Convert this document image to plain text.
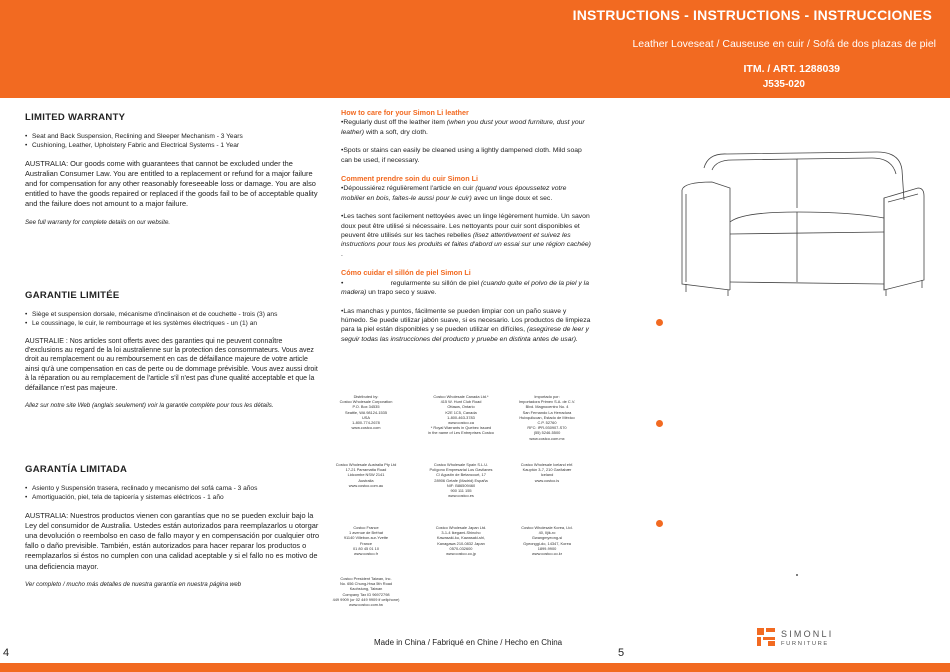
INSTRUCTIONS - INSTRUCTIONS - INSTRUCCIONES
Leather Loveseat / Causeuse en cuir / Sofá de dos plazas de piel
ITM. / ART. 1288039
J535-020
LIMITED WARRANTY
• Seat and Back Suspension, Reclining and Sleeper Mechanism - 3 Years
• Cushioning, Leather, Upholstery Fabric and Electrical Systems - 1 Year
AUSTRALIA: Our goods come with guarantees that cannot be excluded under the Australian Consumer Law. You are entitled to a replacement or refund for a major failure and for compensation for any other reasonably foreseeable loss or damage. You are also entitled to have the goods repaired or replaced if the goods fail to be of acceptable quality and the failure does not amount to a major failure.
See full warranty for complete details on our website.
GARANTIE LIMITÉE
• Siège et suspension dorsale, mécanisme d'inclinaison et de couchette - trois (3) ans
• Le coussinage, le cuir, le rembourrage et les systèmes électriques - un (1) an
AUSTRALIE : Nos articles sont offerts avec des garanties qui ne peuvent connaître d'exclusions au regard de la loi australienne sur la protection des consommateurs. Vous avez droit au remplacement ou au remboursement en cas de défaillance majeure de votre article ainsi qu'à une compensation en cas de perte ou de dommage prévisible. Vous avez aussi droit à la réparation ou au remplacement de l'article s'il n'est pas d'une qualité acceptable et que la défaillance n'est pas majeure.
Allez sur notre site Web (anglais seulement) voir la garantie complète pour tous les détails.
GARANTÍA LIMITADA
• Asiento y Suspensión trasera, reclinado y mecanismo del sofá cama - 3 años
• Amortiguación, piel, tela de tapicería y sistemas eléctricos - 1 año
AUSTRALIA: Nuestros productos vienen con garantías que no se pueden excluir bajo la Ley del consumidor de Australia. Ustedes están autorizados para reemplazarlos u otorgar una devolución o reembolso en caso de fallo mayor y en compensación por cualquier otro fallo o daño previsible. También, están autorizados para hacer reparar los productos o reemplazarlos si éstos no cumplen con una calidad aceptable y si el fallo no es motivo de una deficiencia mayor.
Ver completo / mucho más detalles de nuestra garantía en nuestra página web
How to care for your Simon Li leather

•Regularly dust off the leather item (when you dust your wood furniture, dust your leather) with a soft, dry cloth.

•Spots or stains can easily be cleaned using a lightly dampened cloth. Mild soap can be used, if necessary.

Comment prendre soin du cuir Simon Li

•Dépoussiérez régulièrement l'article en cuir (quand vous époussetez votre mobilier en bois, faites-le aussi pour le cuir) avec un linge doux et sec.

•Les taches sont facilement nettoyées avec un linge légèrement humide. Un savon doux peut être utilisé si nécessaire. Les nettoyants pour cuir sont disponibles et peuvent être utilisés sur les taches rebelles (lisez attentivement et suivez les instructions pour tous les produits et faites d'abord un essai sur une région cachée) .

Cómo cuidar el sillón de piel Simon Li

•                         regularmente su sillón de piel (cuando quite el polvo de la piel y la madera) un trapo seco y suave.

•Las manchas y puntos, fácilmente se pueden limpiar con un paño suave y húmedo. Se puede utilizar jabón suave, si es necesario. Los productos de limpieza para la piel están disponibles y se pueden utilizar en difíciles, (asegúrese de leer y seguir todas las instrucciones del producto y pruebe en distinta antes de usar).

Distributed by:
Costco Wholesale Corporation
P.O. Box 34535
Seattle, WA 98124-1535
USA
1-800-774-2678
www.costco.com
Costco Wholesale Canada Ltd.*
415 W. Hunt Club Road
Ottawa, Ontario
K2E 1C5, Canada
1-800-463-3783
www.costco.ca
* Royal Warrants in Quebec issued
in the name of Les Entreprises Costco
Importado por:
Importadora Primex S.A. de C.V.
Blvd. Magnocentro No. 4
San Fernando La Herradura
Huixquilucan, Estado de México
C.P. 52760
RFC: IPR-930907-S70
(55) 5246-5500
www.costco.com.mx
Costco Wholesale Australia Pty Ltd
17-21 Parramatta Road
Lidcombe NSW 2141
Australia
www.costco.com.au
Costco Wholesale Spain S.L.U.
Polígono Empresarial Los Gavilanes
C/ Agustín de Betancourt, 17
28906 Getafe (Madrid) España
NIF: B86509460
900 111 155
www.costco.es
Costco Wholesale Iceland ehf.
Kauptún 3-7, 210 Garðabær
Iceland
www.costco.is
Costco France
1 avenue de Bréhat
91140 Villebon-sur-Yvette
France
01 80 45 01 10
www.costco.fr
Costco Wholesale Japan Ltd.
3-1-4 Ikegami-Shincho
Kawasaki-ku, Kawasaki-shi,
Kanagawa 210-0832 Japan
0570-032600
www.costco.co.jp
Costco Wholesale Korea, Ltd.
40, Iljik-ro
Gwangmyeong-si
Gyeonggi-do, 14347, Korea
1899-9900
www.costco.co.kr
Costco President Taiwan, Inc.
No. 656 Chung-Hwa 5th Road
Kaohsiung, Taiwan
Company Tax ID 96972798
449 9909 (or 02 449 9909 if cellphone)
www.costco.com.tw
Made in China / Fabriqué en Chine / Hecho en China
4	5
SIMONLI
FURNITURE
